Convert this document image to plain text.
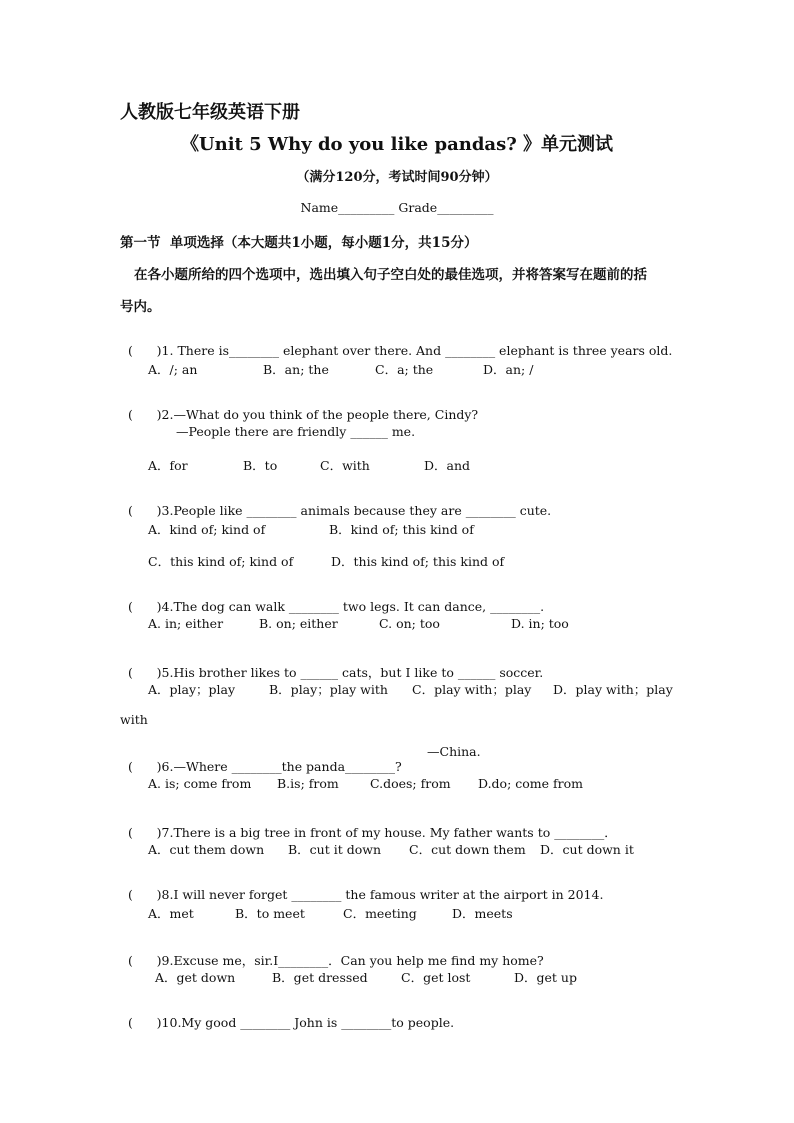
人教版七年级英语下册
《Unit 5 Why do you like pandas? 》单元测试
（满分120分，考试时间90分钟）
Name_________ Grade_________
第一节  单项选择（本大题共1小题，每小题1分，共15分）
在各小题所给的四个选项中，选出填入句子空白处的最佳选项，并将答案写在题前的括
号内。

(      )1. There is________ elephant over there. And ________ elephant is three years old.

A．/; an	B．an; the	C．a; the	D．an; /

(      )2.—What do you think of the people there, Cindy?

—People there are friendly ______ me.
A．for	B．to	C．with	D．and

(      )3.People like ________ animals because they are ________ cute.

A．kind of; kind of	B．kind of; this kind of
C．this kind of; kind of	D．this kind of; this kind of

(      )4.The dog can walk ________ two legs. It can dance, ________.

A. in; either	B. on; either	C. on; too	D. in; too

(      )5.His brother likes to ______ cats，but I like to ______ soccer.

A．play；play	B．play；play with C．play with；play D．play with；play
with

(      )6.—Where ________the panda________?

—China.
A. is; come from B.is; from	C.does; from D.do; come from

(      )7.There is a big tree in front of my house. My father wants to ________．

A．cut them down B．cut it down C．cut down them D．cut down it

(      )8.I will never forget ________ the famous writer at the airport in 2014.

A．met	B．to meet	C．meeting	D．meets

(      )9.Excuse me，sir.I________．Can you help me find my home?

A．get down	B．get dressed	C．get lost	D．get up

(      )10.My good ________ John is ________to people.
